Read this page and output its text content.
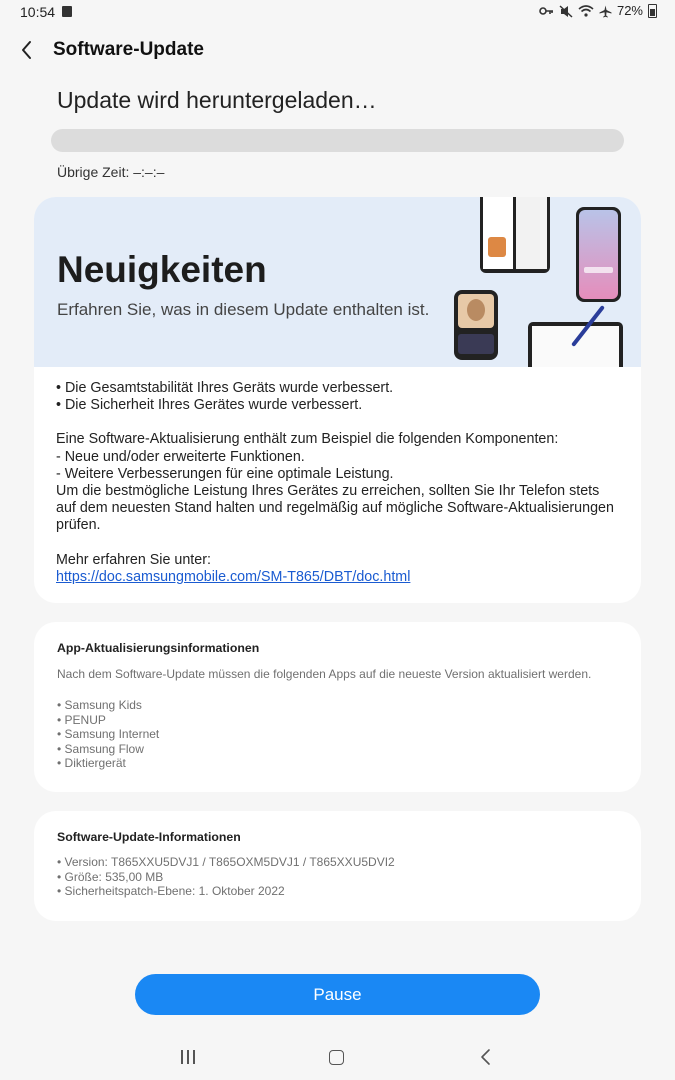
10:54	72%
Software-Update
Update wird heruntergeladen…
Übrige Zeit: –:–:–
Neuigkeiten
Erfahren Sie, was in diesem Update enthalten ist.

• Die Gesamtstabilität Ihres Geräts wurde verbessert.

• Die Sicherheit Ihres Gerätes wurde verbessert.

Eine Software-Aktualisierung enthält zum Beispiel die folgenden Komponenten:

- Neue und/oder erweiterte Funktionen.

- Weitere Verbesserungen für eine optimale Leistung.

Um die bestmögliche Leistung Ihres Gerätes zu erreichen, sollten Sie Ihr Telefon stets auf dem neuesten Stand halten und regelmäßig auf mögliche Software-Aktualisierungen prüfen.

Mehr erfahren Sie unter:

https://doc.samsungmobile.com/SM-T865/DBT/doc.html

App-Aktualisierungsinformationen
Nach dem Software-Update müssen die folgenden Apps auf die neueste Version aktualisiert werden.

• Samsung Kids

• PENUP

• Samsung Internet

• Samsung Flow

• Diktiergerät

Software-Update-Informationen

• Version: T865XXU5DVJ1 / T865OXM5DVJ1 / T865XXU5DVI2

• Größe: 535,00 MB

• Sicherheitspatch-Ebene: 1. Oktober 2022

Pause
